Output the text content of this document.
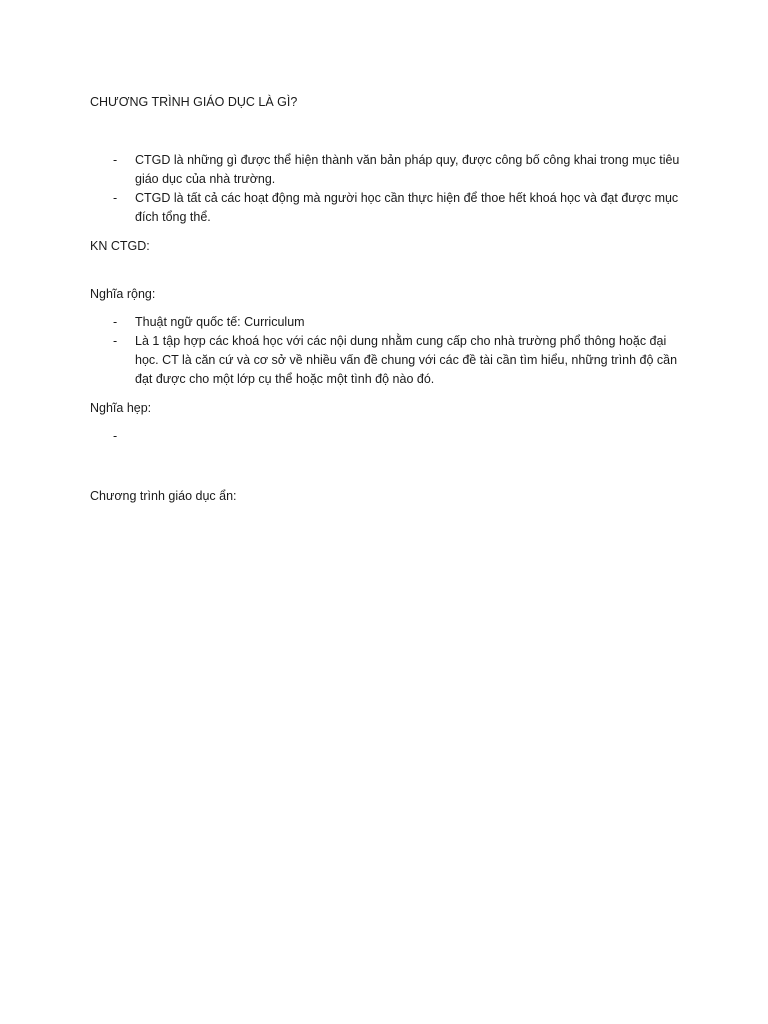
CHƯƠNG TRÌNH GIÁO DỤC LÀ GÌ?
- CTGD là những gì được thể hiện thành văn bản pháp quy, được công bố công khai trong mục tiêu giáo dục của nhà trường.
- CTGD là tất cả các hoạt động mà người học cần thực hiện để thoe hết khoá học và đạt được mục đích tổng thể.
KN CTGD:
Nghĩa rộng:
- Thuật ngữ quốc tế: Curriculum
- Là 1 tập hợp các khoá học với các nội dung nhằm cung cấp cho nhà trường phổ thông hoặc đại học. CT là căn cứ và cơ sở về nhiều vấn đề chung với các đề tài cần tìm hiểu, những trình độ cần đạt được cho một lớp cụ thể hoặc một tình độ nào đó.
Nghĩa hẹp:
-
Chương trình giáo dục ẩn:
